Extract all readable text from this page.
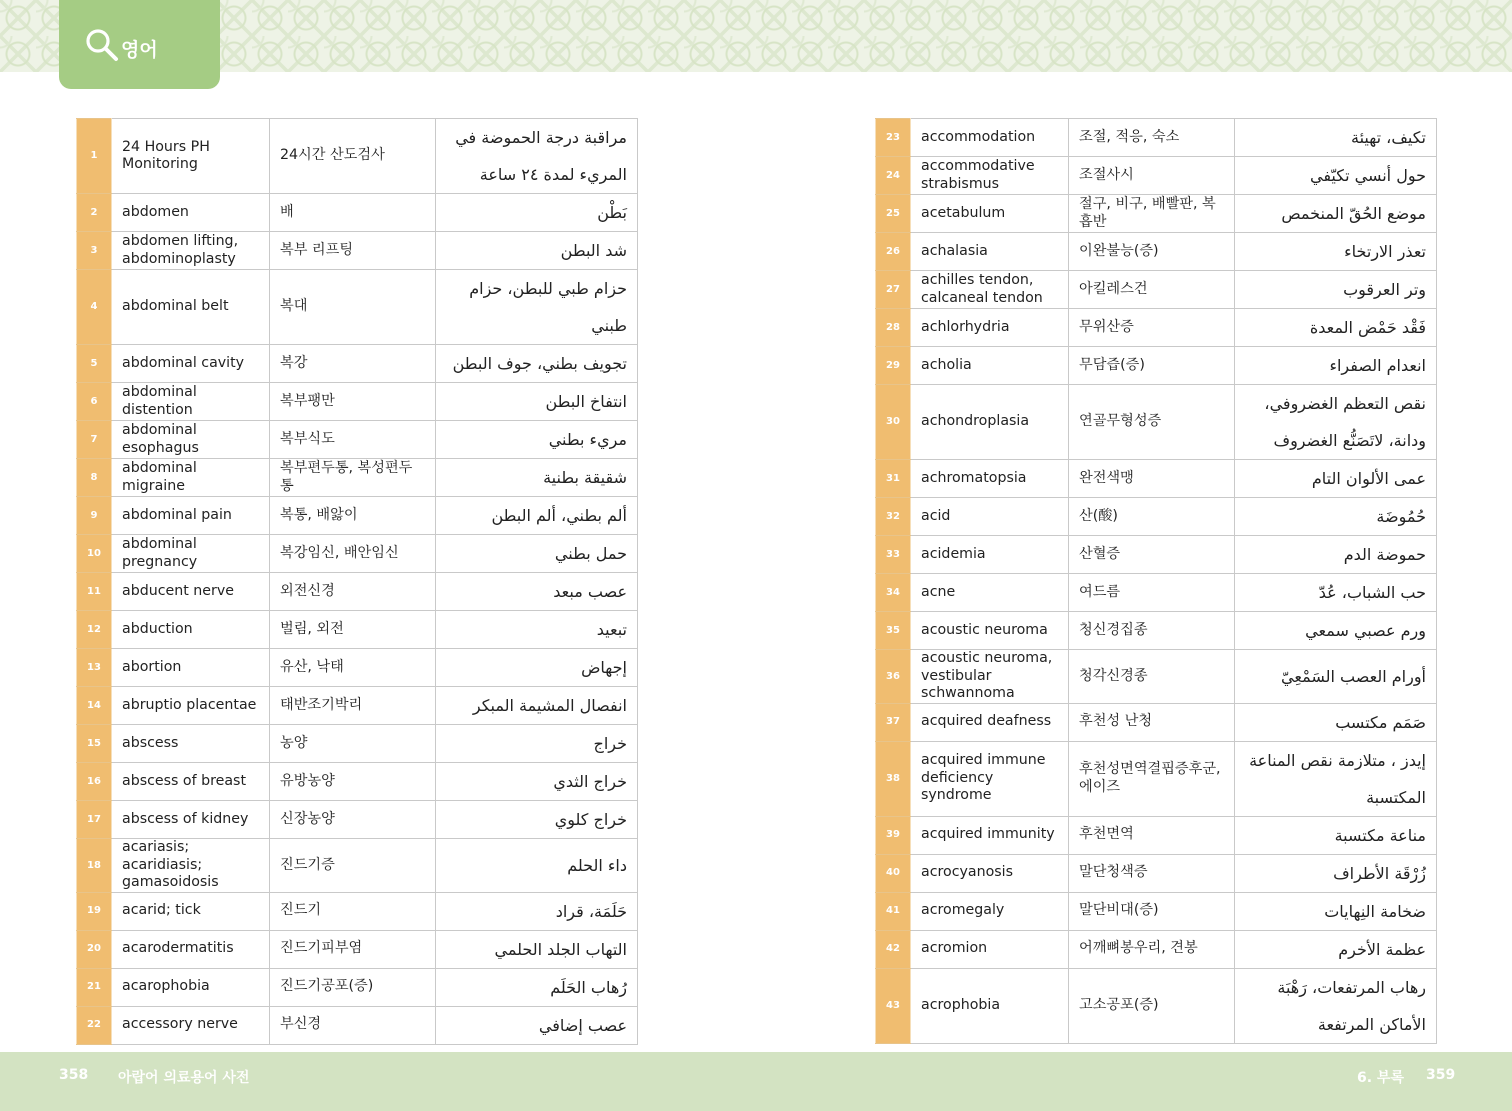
영어
1	24 Hours PH Monitoring	24시간 산도검사	مراقبة درجة الحموضة في المريء لمدة ٢٤ ساعة
2	abdomen	배	بَطْن
3	abdomen lifting, abdominoplasty	복부 리프팅	شد البطن
4	abdominal belt	복대	حزام طبي للبطن، حزام طبني
5	abdominal cavity	복강	تجويف بطني، جوف البطن
6	abdominal distention	복부팽만	انتفاخ البطن
7	abdominal esophagus	복부식도	مريء بطني
8	abdominal migraine	복부편두통, 복성편두통	شقيقة بطنية
9	abdominal pain	복통, 배앓이	ألم بطني، ألم البطن
10	abdominal pregnancy	복강임신, 배안임신	حمل بطني
11	abducent nerve	외전신경	عصب مبعد
12	abduction	벌림, 외전	تبعيد
13	abortion	유산, 낙태	إجهاض
14	abruptio placentae	태반조기박리	انفصال المشيمة المبكر
15	abscess	농양	خراج
16	abscess of breast	유방농양	خراج الثدي
17	abscess of kidney	신장농양	خراج كلوي
18	acariasis; acaridiasis; gamasoidosis	진드기증	داء الحلم
19	acarid; tick	진드기	حَلَمَة، قراد
20	acarodermatitis	진드기피부염	التهاب الجلد الحلمي
21	acarophobia	진드기공포(증)	رُهاب الحَلَم
22	accessory nerve	부신경	عصب إضافي
23	accommodation	조절, 적응, 숙소	تكيف، تهيئة
24	accommodative strabismus	조절사시	حول أنسي تكيّفي
25	acetabulum	절구, 비구, 배빨판, 복흡반	موضع الحُقّ المنخمص
26	achalasia	이완불능(증)	تعذر الارتخاء
27	achilles tendon, calcaneal tendon	아킬레스건	وتر العرقوب
28	achlorhydria	무위산증	فَقْد حَمْض المعدة
29	acholia	무담즙(증)	انعدام الصفراء
30	achondroplasia	연골무형성증	نقص التعظم الغضروفي، ودانة، لاتَصَنُّع الغضروف
31	achromatopsia	완전색맹	عمى الألوان التام
32	acid	산(酸)	حُمُوضَة
33	acidemia	산혈증	حموضة الدم
34	acne	여드름	حب الشباب، عُدّ
35	acoustic neuroma	청신경집종	ورم عصبي سمعي
36	acoustic neuroma, vestibular schwannoma	청각신경종	أورام العصب السَمْعِيّ
37	acquired deafness	후천성 난청	صَمَم مكتسب
38	acquired immune deficiency syndrome	후천성면역결핍증후군, 에이즈	إيدز ، متلازمة نقص المناعة المكتسبة
39	acquired immunity	후천면역	مناعة مكتسبة
40	acrocyanosis	말단청색증	زُرْقَة الأطراف
41	acromegaly	말단비대(증)	ضخامة النِهايات
42	acromion	어깨뼈봉우리, 견봉	عظمة الأخرم
43	acrophobia	고소공포(증)	رهاب المرتفعات، رَهْبَة الأماكن المرتفعة
358 아랍어 의료용어 사전	6. 부록 359
